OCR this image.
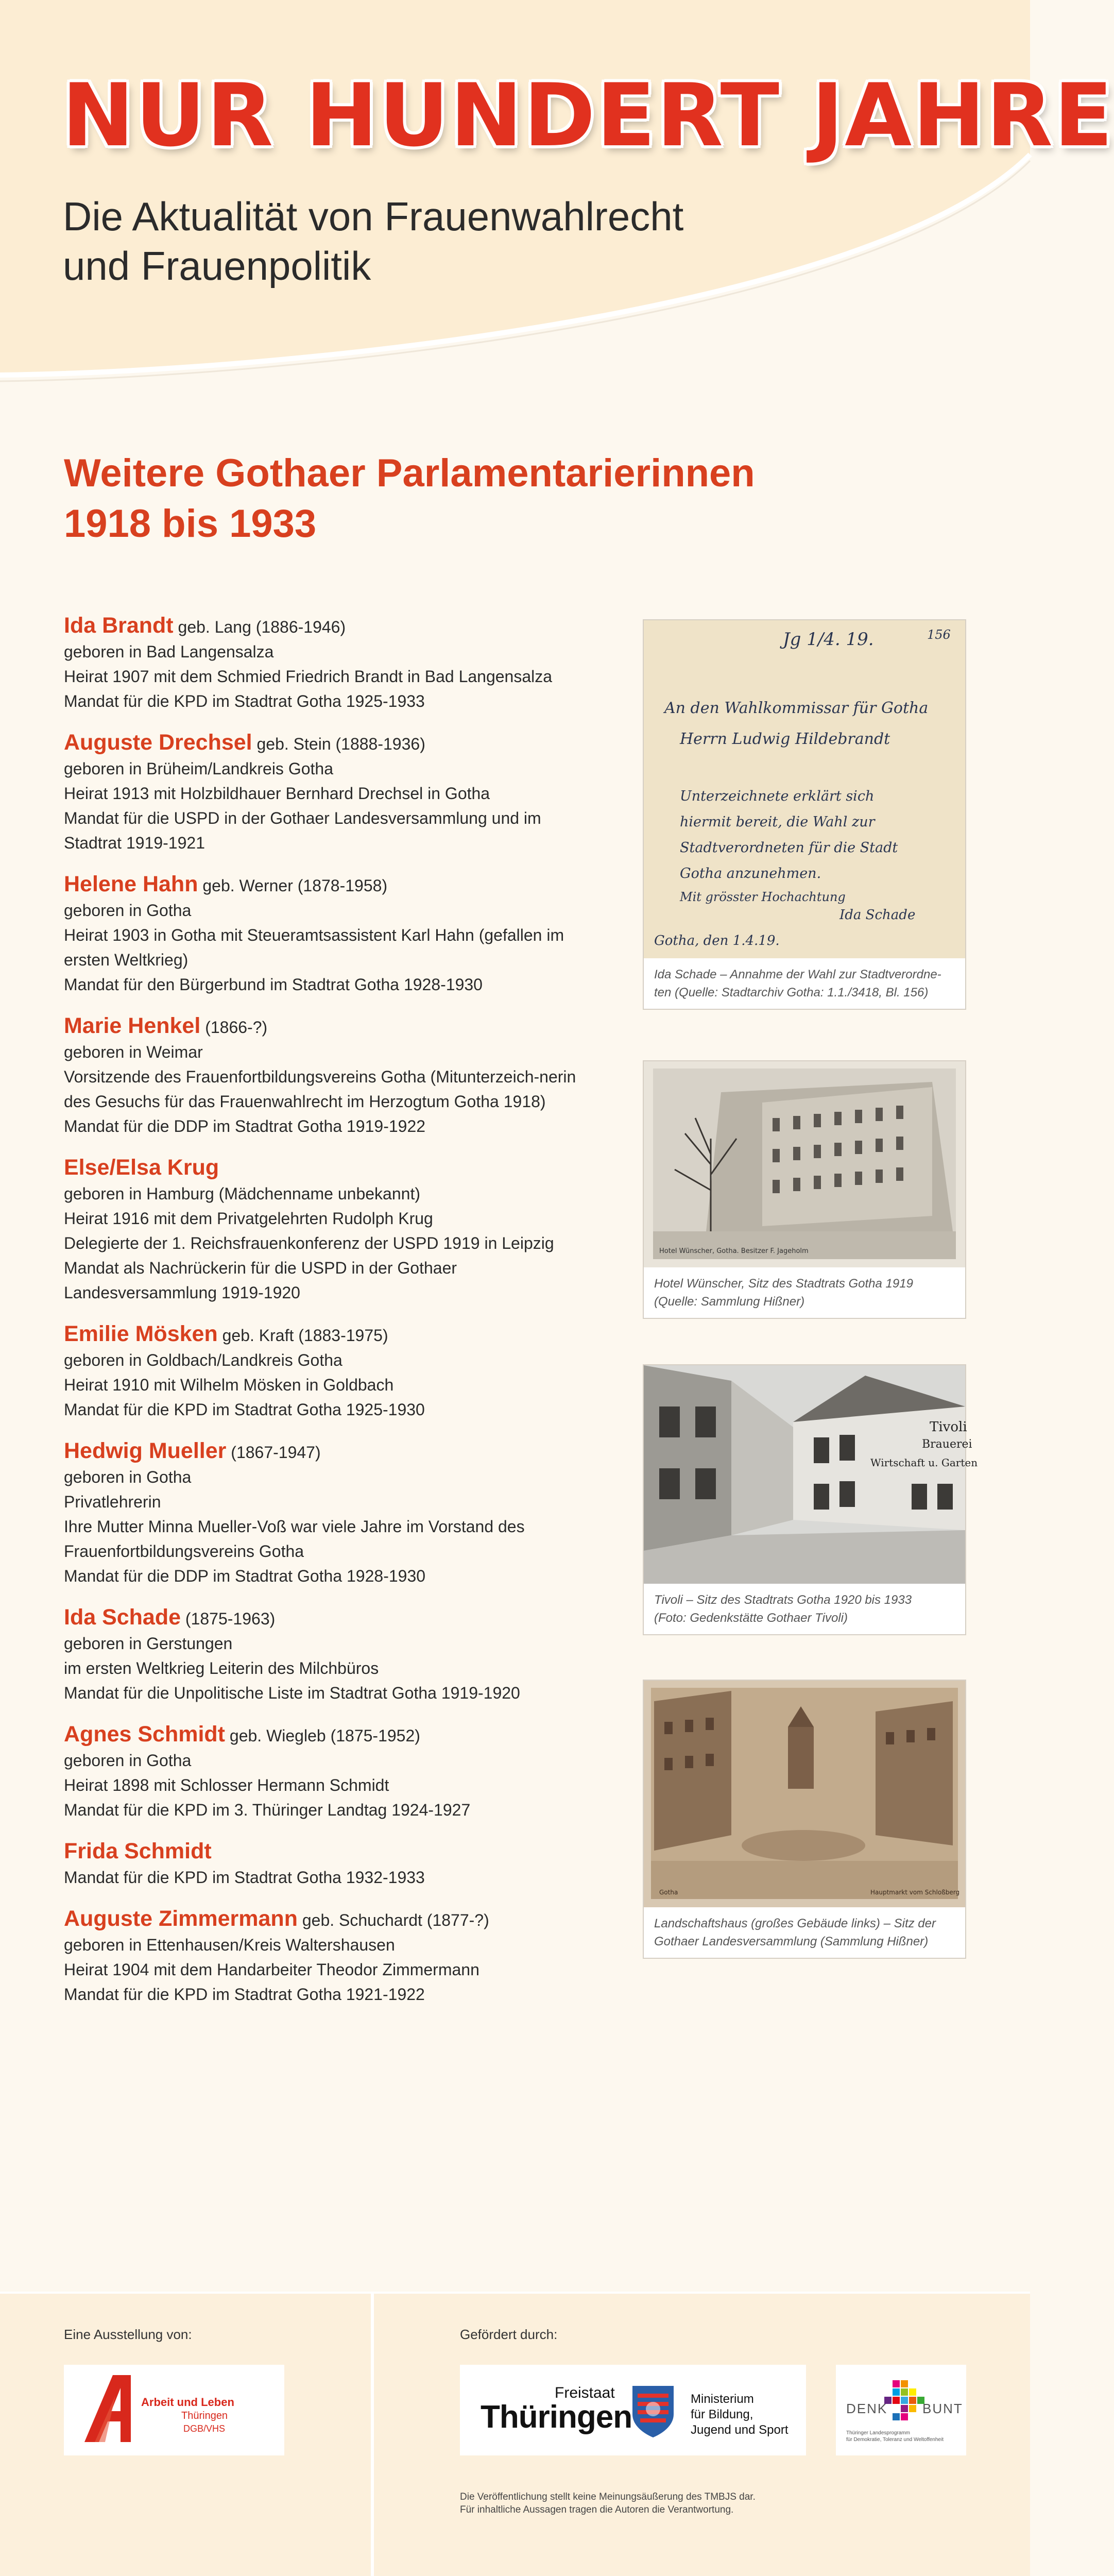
NUR HUNDERT JAHRE
Die Aktualität von Frauenwahlrecht
und Frauenpolitik
Weitere Gothaer Parlamentarierinnen
1918 bis 1933
Ida Brandt geb. Lang (1886-1946)
geboren in Bad Langensalza
Heirat 1907 mit dem Schmied Friedrich Brandt in Bad Langensalza
Mandat für die KPD im Stadtrat Gotha 1925-1933
Auguste Drechsel geb. Stein (1888-1936)
geboren in Brüheim/Landkreis Gotha
Heirat 1913 mit Holzbildhauer Bernhard Drechsel in Gotha
Mandat für die USPD in der Gothaer Landesversammlung und im Stadtrat 1919-1921
Helene Hahn geb. Werner (1878-1958)
geboren in Gotha
Heirat 1903 in Gotha mit Steueramtsassistent Karl Hahn (gefallen im ersten Weltkrieg)
Mandat für den Bürgerbund im Stadtrat Gotha 1928-1930
Marie Henkel (1866-?)
geboren in Weimar
Vorsitzende des Frauenfortbildungsvereins Gotha (Mitunterzeich-nerin des Gesuchs für das Frauenwahlrecht im Herzogtum Gotha 1918)
Mandat für die DDP im Stadtrat Gotha 1919-1922
Else/Elsa Krug
geboren in Hamburg (Mädchenname unbekannt)
Heirat 1916 mit dem Privatgelehrten Rudolph Krug
Delegierte der 1. Reichsfrauenkonferenz der USPD 1919 in Leipzig
Mandat als Nachrückerin für die USPD in der Gothaer Landesversammlung 1919-1920
Emilie Mösken geb. Kraft (1883-1975)
geboren in Goldbach/Landkreis Gotha
Heirat 1910 mit Wilhelm Mösken in Goldbach
Mandat für die KPD im Stadtrat Gotha 1925-1930
Hedwig Mueller (1867-1947)
geboren in Gotha
Privatlehrerin
Ihre Mutter Minna Mueller-Voß war viele Jahre im Vorstand des Frauenfortbildungsvereins Gotha
Mandat für die DDP im Stadtrat Gotha 1928-1930
Ida Schade (1875-1963)
geboren in Gerstungen
im ersten Weltkrieg Leiterin des Milchbüros
Mandat für die Unpolitische Liste im Stadtrat Gotha 1919-1920
Agnes Schmidt geb. Wiegleb (1875-1952)
geboren in Gotha
Heirat 1898 mit Schlosser Hermann Schmidt
Mandat für die KPD im 3. Thüringer Landtag 1924-1927
Frida Schmidt
Mandat für die KPD im Stadtrat Gotha 1932-1933
Auguste Zimmermann geb. Schuchardt (1877-?)
geboren in Ettenhausen/Kreis Waltershausen
Heirat 1904 mit dem Handarbeiter Theodor Zimmermann
Mandat für die KPD im Stadtrat Gotha 1921-1922
Jg 1/4. 19.	156
An den Wahlkommissar für Gotha
Herrn Ludwig Hildebrandt
Unterzeichnete erklärt sich
hiermit bereit, die Wahl zur
Stadtverordneten für die Stadt
Gotha anzunehmen.
Mit grösster Hochachtung
Ida Schade
Gotha, den 1.4.19.
Ida Schade – Annahme der Wahl zur Stadtverordne-
ten (Quelle: Stadtarchiv Gotha: 1.1./3418, Bl. 156)
Hotel Wünscher, Gotha. Besitzer F. Jageholm
Hotel Wünscher, Sitz des Stadtrats Gotha 1919
(Quelle: Sammlung Hißner)
Tivoli
Brauerei
Wirtschaft u. Garten
Tivoli – Sitz des Stadtrats Gotha 1920 bis 1933
(Foto: Gedenkstätte Gothaer Tivoli)
Gotha	Hauptmarkt vom Schloßberg
Landschaftshaus (großes Gebäude links) – Sitz der
Gothaer Landesversammlung (Sammlung Hißner)
Eine Ausstellung von:	Gefördert durch:
Arbeit und Leben
Thüringen
DGB/VHS
Freistaat
Thüringen
Ministerium
für Bildung,
Jugend und Sport
DENK	BUNT
Thüringer Landesprogramm
für Demokratie, Toleranz und Weltoffenheit
Die Veröffentlichung stellt keine Meinungsäußerung des TMBJS dar.
Für inhaltliche Aussagen tragen die Autoren die Verantwortung.
